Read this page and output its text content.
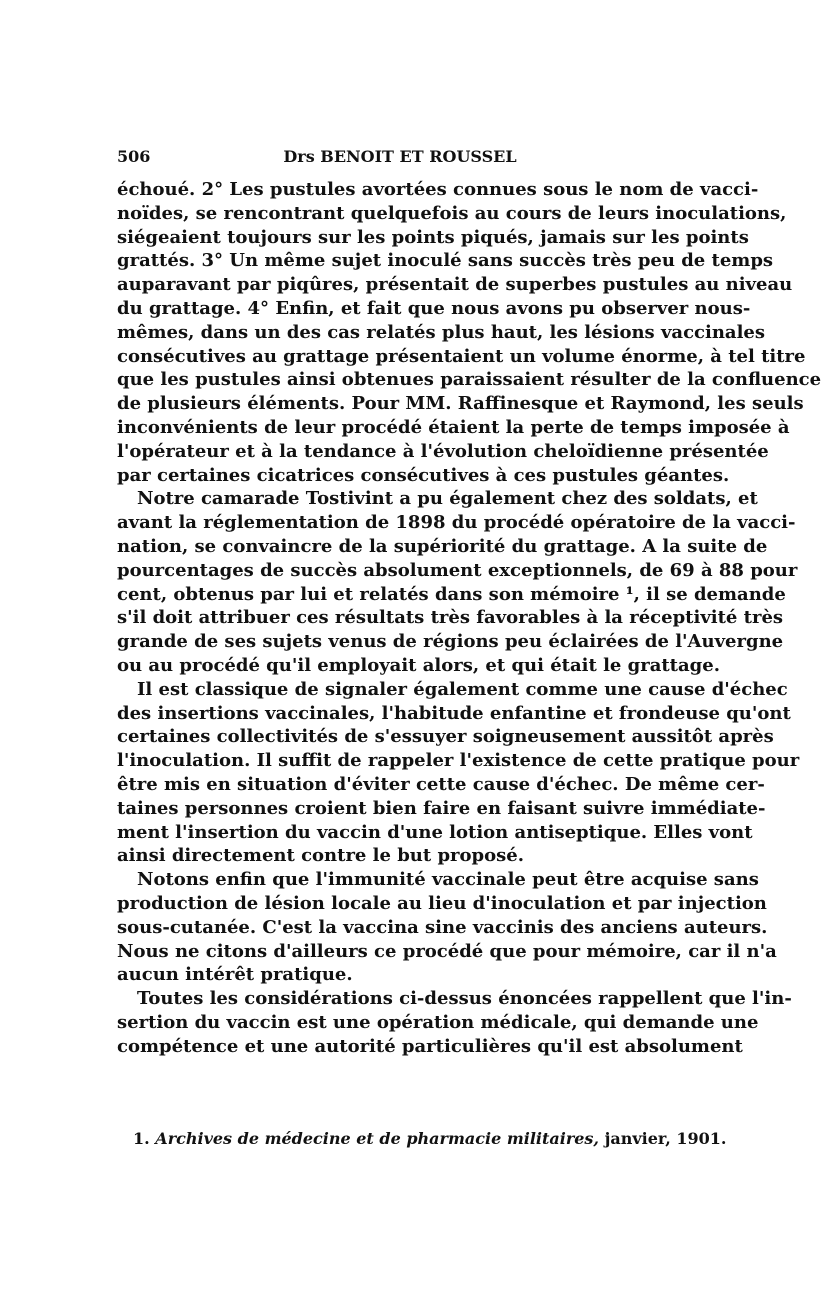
506	Drs BENOIT ET ROUSSEL
échoué. 2° Les pustules avortées connues sous le nom de vacci-
noïdes, se rencontrant quelquefois au cours de leurs inoculations,
siégeaient toujours sur les points piqués, jamais sur les points
grattés. 3° Un même sujet inoculé sans succès très peu de temps
auparavant par piqûres, présentait de superbes pustules au niveau
du grattage. 4° Enfin, et fait que nous avons pu observer nous-
mêmes, dans un des cas relatés plus haut, les lésions vaccinales
consécutives au grattage présentaient un volume énorme, à tel titre
que les pustules ainsi obtenues paraissaient résulter de la confluence
de plusieurs éléments. Pour MM. Raffinesque et Raymond, les seuls
inconvénients de leur procédé étaient la perte de temps imposée à
l'opérateur et à la tendance à l'évolution cheloïdienne présentée
par certaines cicatrices consécutives à ces pustules géantes.
Notre camarade Tostivint a pu également chez des soldats, et
avant la réglementation de 1898 du procédé opératoire de la vacci-
nation, se convaincre de la supériorité du grattage. A la suite de
pourcentages de succès absolument exceptionnels, de 69 à 88 pour
cent, obtenus par lui et relatés dans son mémoire ¹, il se demande
s'il doit attribuer ces résultats très favorables à la réceptivité très
grande de ses sujets venus de régions peu éclairées de l'Auvergne
ou au procédé qu'il employait alors, et qui était le grattage.
Il est classique de signaler également comme une cause d'échec
des insertions vaccinales, l'habitude enfantine et frondeuse qu'ont
certaines collectivités de s'essuyer soigneusement aussitôt après
l'inoculation. Il suffit de rappeler l'existence de cette pratique pour
être mis en situation d'éviter cette cause d'échec. De même cer-
taines personnes croient bien faire en faisant suivre immédiate-
ment l'insertion du vaccin d'une lotion antiseptique. Elles vont
ainsi directement contre le but proposé.
Notons enfin que l'immunité vaccinale peut être acquise sans
production de lésion locale au lieu d'inoculation et par injection
sous-cutanée. C'est la vaccina sine vaccinis des anciens auteurs.
Nous ne citons d'ailleurs ce procédé que pour mémoire, car il n'a
aucun intérêt pratique.
Toutes les considérations ci-dessus énoncées rappellent que l'in-
sertion du vaccin est une opération médicale, qui demande une
compétence et une autorité particulières qu'il est absolument
1. Archives de médecine et de pharmacie militaires, janvier, 1901.
